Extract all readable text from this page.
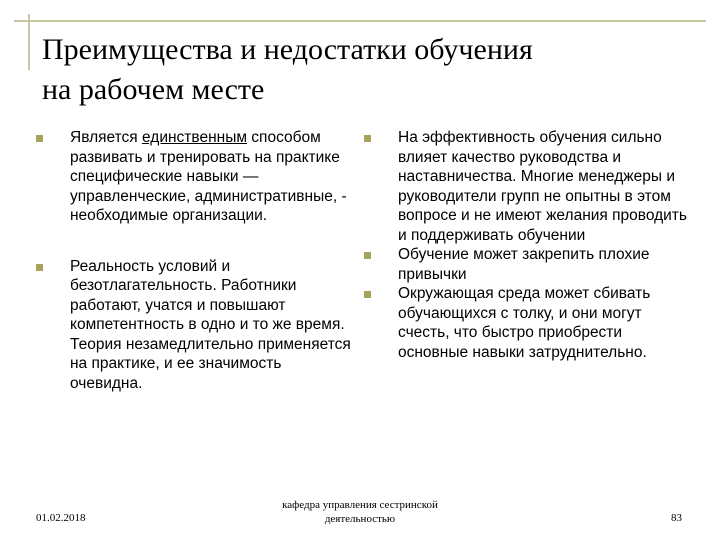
Преимущества и недостатки обучения
на рабочем месте
Является единственным способом развивать и тренировать на практике специфические навыки — управленческие, административные, - необходимые организации.
Реальность условий и безотлагательность. Работники работают, учатся и повышают компетентность в одно и то же время. Теория незамедлительно применяется на практике, и ее значимость очевидна.
На эффективность обучения сильно влияет качество руководства и наставничества. Многие менеджеры и руководители групп не опытны в этом вопросе и не имеют желания проводить и поддерживать обучении
Обучение может закрепить плохие привычки
Окружающая среда может сбивать обучающихся с толку, и они могут счесть, что быстро приобрести основные навыки затруднительно.
01.02.2018
кафедра управления сестринской
деятельностью	83
